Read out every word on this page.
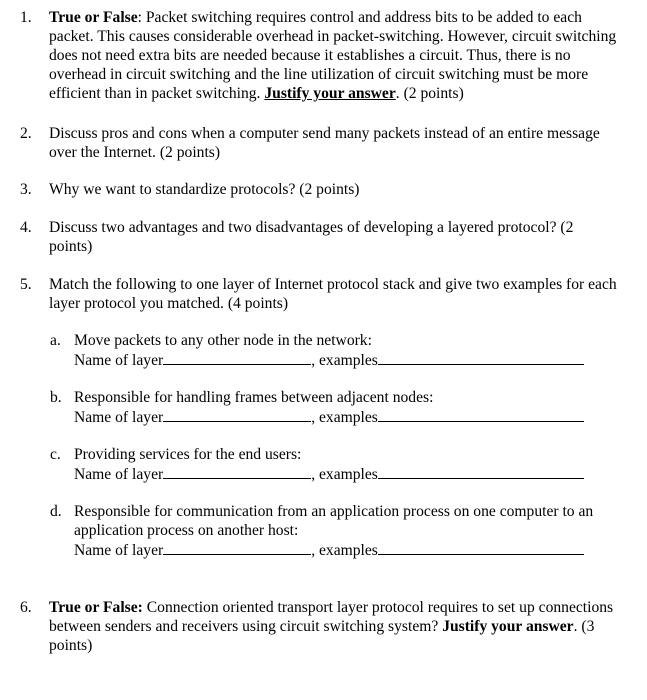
1.	True or False: Packet switching requires control and address bits to be added to each packet. This causes considerable overhead in packet-switching. However, circuit switching does not need extra bits are needed because it establishes a circuit. Thus, there is no overhead in circuit switching and the line utilization of circuit switching must be more efficient than in packet switching. Justify your answer. (2 points)
2.	Discuss pros and cons when a computer send many packets instead of an entire message over the Internet. (2 points)
3.	Why we want to standardize protocols? (2 points)
4.	Discuss two advantages and two disadvantages of developing a layered protocol? (2 points)
5.	Match the following to one layer of Internet protocol stack and give two examples for each layer protocol you matched. (4 points)
a. Move packets to any other node in the network:
Name of layer	, examples
b. Responsible for handling frames between adjacent nodes:
Name of layer	, examples
c. Providing services for the end users:
Name of layer	, examples
d. Responsible for communication from an application process on one computer to an application process on another host:
Name of layer	, examples
6.	True or False: Connection oriented transport layer protocol requires to set up connections between senders and receivers using circuit switching system? Justify your answer. (3 points)
